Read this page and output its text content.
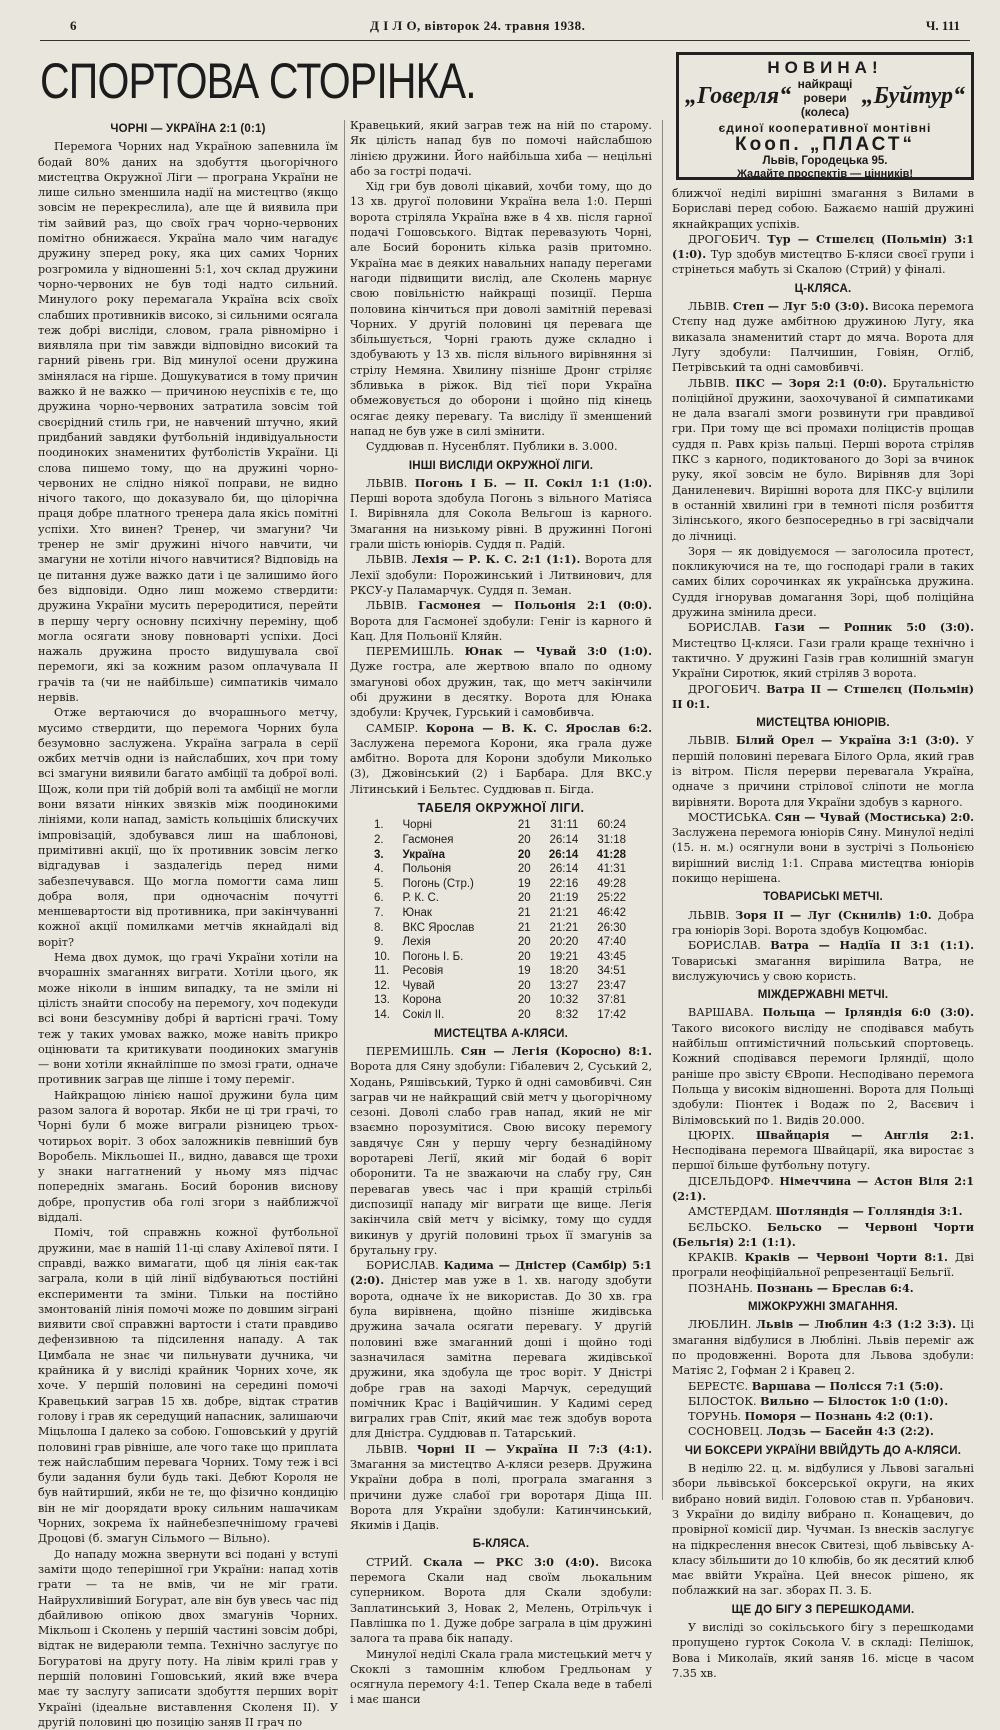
6	Д І Л О, вівторок 24. травня 1938.	Ч. 111
СПОРТОВА СТОРІНКА.	НОВИНА!
„Говерля“ найкращі
ровери
(колеса)
„Буйтур“
єдиної кооперативної монтівні
Кооп. „ПЛАСТ“
Львів, Городецька 95.
Жадайте проспектів — цінників!
ЧОРНІ — УКРАЇНА 2:1 (0:1)

Перемога Чорних над Україною запевнила їм бодай 80% даних на здобуття цьогорічного мистецтва Окружної Ліги — програна України не лише сильно зменшила надії на мистецтво (якщо зовсім не перекреслила), але ще й виявила при тім зайвий раз, що своїх грач чорно-червоних помітно обнижаєся. Україна мало чим нагадує дружину зперед року, яка цих самих Чорних розгромила у відношенні 5:1, хоч склад дружини чорно-червоних не був тоді надто сильний. Минулого року перемагала Україна всіх своїх слабших противників високо, зі сильними осягала теж добрі висліди, словом, грала рівномірно і виявляла при тім завжди відповідно високий та гарний рівень гри. Від минулої осени дружина змінялася на гірше. Дошукуватися в тому причин важко й не важко — причиною неуспіхів є те, що дружина чорно-червоних затратила зовсім той своєрідний стиль гри, не навчений штучно, який придбаний завдяки футбольній індивідуальности поодиноких знаменитих футболістів України. Ці слова пишемо тому, що на дружині чорно-червоних не слідно ніякої поправи, не видно нічого такого, що доказувало би, що цілорічна праця добре платного тренера дала якісь помітні успіхи. Хто винен? Тренер, чи змагуни? Чи тренер не зміг дружині нічого навчити, чи змагуни не хотіли нічого навчитися? Відповідь на це питання дуже важко дати і це залишимо його без відповіди. Одно лиш можемо ствердити: дружина України мусить переродитися, перейти в першу чергу основну психічну переміну, щоб могла осягати знову повноварті успіхи. Досі нажаль дружина просто видушувала свої перемоги, які за кожним разом оплачувала ІІ грачів та (чи не найбільше) симпатиків чимало нервів.

Отже вертаючися до вчорашнього метчу, мусимо ствердити, що перемога Чорних була безумовно заслужена. Україна заграла в серії ожбих метчів одни із найслабших, хоч при тому всі змагуни виявили багато амбіції та доброї волі. Щож, коли при тій добрій волі та амбіції не могли вони вязати нінких звязків між поодинокими лініями, коли напад, замість кольцішіх блискучих імпровізацій, здобувався лиш на шаблонові, примітивні акції, що їх противник зовсім легко відгадував і заздалегідь перед ними забезпечувався. Що могла помогти сама лиш добра воля, при одночаснім почутті меншевартости від противника, при закінчуванні кожної акції помилками метчів якнайдалі від воріт?

Нема двох думок, що грачі України хотіли на вчорашніх змаганнях виграти. Хотіли цього, як може ніколи в іншим випадку, та не зміли ні цілість знайти способу на перемогу, хоч подекуди всі вони безсумніву добрі й вартісні грачі. Тому теж у таких умовах важко, може навіть прикро оцінювати та критикувати поодиноких змагунів — вони хотіли якнайліпше по змозі грати, одначе противник заграв ще ліпше і тому переміг.

Найкращою лінією нашої дружини була цим разом залога й воротар. Якби не ці три грачі, то Чорні були б може виграли різницею трьох-чотирьох воріт. З обох заложників певніший був Воробель. Мікльошеі II., видно, давався ще трохи у знаки наггатнений у ньому мяз підчас попередніх змагань. Босий боронив виснову добре, пропустив оба голі згори з найближчої віддалі.

Поміч, той справжнь кожної футбольної дружини, має в нашій 11-ці славу Ахілевої пяти. І справді, важко вимагати, щоб ця лінія єак-так заграла, коли в цій лінії відбуваються постійні експерименти та зміни. Тільки на постійно змонтованій лінія помочі може по довшим зіграні виявити свої справжні вартости і стати правдиво дефензивною та підсилення нападу. А так Цимбала не знає чи пильнувати дучника, чи крайника й у висліді крайник Чорних хоче, як хоче. У першій половині на середині помочі Кравецький заграв 15 хв. добре, відтак стратив голову і грав як середущий напасник, залишаючи Міцьлоша І далеко за собою. Гошовський у другій половині грав рівніше, але чого таке що приплатa теж найслабшим перевага Чорних. Тому теж і всі були задання були будь такі. Дебют Короля не був найтирший, якби не те, що фізично кондицію він не міг доорядати вроку сильним нашачикам Чорних, зокрема їх найнебезпечнішому грачеві Дроцові (б. змагун Сільмого — Вільно).

До нападу можна звернути всі подані у вступі заміти щодо теперішної гри України: напад хотів грати — та не вмів, чи не міг грати. Найрухливіший Богурат, але він був увесь час під дбайливою опікою двох змагунів Чорних. Мікльош і Сколень у першій частині зовсім добрі, відтак не видераюли темпа. Технічно заслугує по Богуратові на другу поту. На лівім крилі грав у першій половині Гошовський, який вже вчера має ту заслугу записати здобуття перших воріт Україні (ідеальне виставлення Сколеня ІІ). У другій половині цю позицію заняв ІІ грач по

Кравецький, який заграв теж на ній по старому. Як цілість напад був по помочі найслабшою лінією дружини. Його найбільша хиба — нецільні або за гострі подачі.

Хід гри був доволі цікавий, хочби тому, що до 13 хв. другої половини Україна вела 1:0. Перші ворота стріляла Україна вже в 4 хв. після гарної подачі Гошовського. Відтак перевазують Чорні, але Босий боронить кілька разів притомно. Україна має в деяких навальних нападу перегами нагоди підвищити вислід, але Сколень марнує свою повільністю найкращі позиції. Перша половина кінчиться при доволі замітній перевазі Чорних. У другій половині ця перевага ще збільшується, Чорні грають дуже складно і здобувають у 13 хв. після вільного вирівняння зі стрілу Немяна. Хвилину пізніше Дронг стріляє збливька в ріжок. Від тієї пори Україна обмежовується до оборони і щойно під кінець осягає деяку перевагу. Та висліду її зменшений напад не був уже в силі змінити.

Суддював п. Нусенблят. Публики в. 3.000.

ІНШІ ВИСЛІДИ ОКРУЖНОЇ ЛІГИ.

ЛЬВІВ. Погонь І Б. — ІІ. Сокіл 1:1 (1:0). Перші ворота здобула Погонь з вільного Матіяса І. Вирівняла для Сокола Вельгош із карного. Змагання на низькому рівні. В дружинні Погоні грали шість юніорів. Суддя п. Радій.

ЛЬВІВ. Лехія — Р. К. С. 2:1 (1:1). Ворота для Лехії здобули: Порожинський і Литвинович, для РКСУ-у Паламарчук. Суддя п. Земан.

ЛЬВІВ. Гасмонея — Польонія 2:1 (0:0). Ворота для Гасмонеї здобули: Геніг із карного й Кац. Для Польонії Кляйн.

ПЕРЕМИШЛЬ. Юнак — Чувай 3:0 (1:0). Дуже гостра, але жертвою впало по одному змагунові обох дружин, так, що метч закінчили обі дружини в десятку. Ворота для Юнака здобули: Кручек, Гурський і самовбивча.

САМБІР. Корона — В. К. С. Ярослав 6:2. Заслужена перемога Корони, яка грала дуже амбітно. Ворота для Корони здобули Миколько (3), Джовінський (2) і Барбара. Для ВКС.у Літинський і Бельтес. Суддював п. Бігда.

ТАБЕЛЯ ОКРУЖНОЇ ЛІГИ.
1.	Чорні	21	31:11	60:24
2.	Гасмонея	20	26:14	31:18
3.	Україна	20	26:14	41:28
4.	Польонія	20	26:14	41:31
5.	Погонь (Стр.)	19	22:16	49:28
6.	Р. К. С.	20	21:19	25:22
7.	Юнак	21	21:21	46:42
8.	ВКС Ярослав	21	21:21	26:30
9.	Лехія	20	20:20	47:40
10.	Погонь І. Б.	20	19:21	43:45
11.	Ресовія	19	18:20	34:51
12.	Чувай	20	13:27	23:47
13.	Корона	20	10:32	37:81
14.	Сокіл ІІ.	20	8:32	17:42
МИСТЕЦТВА А-КЛЯСИ.

ПЕРЕМИШЛЬ. Сян — Легія (Коросно) 8:1. Ворота для Сяну здобули: Гібалевич 2, Суський 2, Ходань, Ряшівський, Турко й одні самовбивчі. Сян заграв чи не найкращий свій метч у цьогорічному сезоні. Доволі слабо грав напад, який не міг взаємно порозумітися. Свою високу перемогу завдячує Сян у першу чергу безнадійному воротареві Легії, який міг бодай 6 воріт оборонити. Та не зважаючи на слабу гру, Сян перевагав увесь час і при кращій стрільбі диспозиції нападу міг виграти ще вище. Легія закінчила свій метч у вісімку, тому що суддя викинув у другій половині трьох її змагунів за брутальну гру.

БОРИСЛАВ. Кадима — Дністер (Самбір) 5:1 (2:0). Дністер мав уже в 1. хв. нагоду здобути ворота, одначе їх не використав. До 30 хв. гра була вирівнена, щойно пізніше жидівська дружина зачала осягати перевагу. У другій половині вже змаганний доші і щойно тоді зазначилася замітна перевага жидівської дружини, яка здобула ще трос воріт. У Дністрі добре грав на заході Марчук, середущий помічник Крас і Ваційчишин. У Кадимі серед вигралих грав Спіт, який має теж здобув ворота для Дністра. Суддював п. Татарський.

ЛЬВІВ. Чорні ІІ — Україна ІІ 7:3 (4:1). Змагання за мистецтво А-кляси резерв. Дружина України добра в полі, програла змагання з причини дуже слабої гри воротаря Діща ІІІ. Ворота для України здобули: Катинчинський, Якимів і Даців.

Б-КЛЯСА.

СТРИЙ. Скала — РКС 3:0 (4:0). Висока перемога Скали над своїм льокальним суперником. Ворота для Скали здобули: Заплатинський 3, Новак 2, Мелень, Отрільчук і Павлішка по 1. Дуже добре заграла в цім дружині залога та права бік нападу.

Минулої неділі Скала грала мистецький метч у Скоклі з тамошнім клюбом Гредльонам у осягнула перемогу 4:1. Тепер Скала веде в табелі і має шанси

ближчої неділі вирішні змагання з Вилами в Бориславі перед собою. Бажаємо нашій дружині якнайкращих успіхів.

ДРОГОБИЧ. Тур — Стшелєц (Польмін) 3:1 (1:0). Тур здобув мистецтво Б-кляси своєї групи і стрінеться мабуть зі Скалою (Стрий) у фіналі.

Ц-КЛЯСА.

ЛЬВІВ. Степ — Луг 5:0 (3:0). Висока перемога Стєпу над дуже амбітною дружиною Лугу, яка виказала знаменитий старт до мячa. Ворота для Лугу здобули: Палчишин, Говіян, Огліб, Петрівський та одні самовбивчі.

ЛЬВІВ. ПКС — Зоря 2:1 (0:0). Брутальністю поліційної дружини, заохочуваної й симпатиками не дала взагалі змоги розвинути гри правдивої гри. При тому ще всі промахи поліцистів прощав суддя п. Равх крізь пальці. Перші ворота стріляв ПКС з карного, подиктованого до Зорі за вчинок руку, якої зовсім не було. Вирівняв для Зорі Даниленевич. Вирішні ворота для ПКС-у вцілили в останній хвилині гри в темноті після розбиття Зілінського, якого безпосередньо в грі засвідчали до лічниці.

Зоря — як довідуємося — заголосила протест, покликуючися на те, що господарі грали в таких самих білих сорочинках як українська дружина. Суддя ігнорував домагання Зорі, щоб поліційна дружина змінила дреси.

БОРИСЛАВ. Гази — Ропник 5:0 (3:0). Мистецтво Ц-кляси. Гази грали краще технічно і тактично. У дружині Газів грав колишній змагун України Сиротюк, який стріляв 3 ворота.

ДРОГОБИЧ. Ватра ІІ — Стшелєц (Польмін) ІІ 0:1.

МИСТЕЦТВА ЮНІОРІВ.

ЛЬВІВ. Білий Орел — Україна 3:1 (3:0). У першій половині перевага Білого Орла, який грав із вітром. Після перерви перевагала Україна, одначе з причини стрілової сліпоти не могла вирівняти. Ворота для України здобув з карного.

МОСТИСЬКА. Сян — Чувай (Мостиська) 2:0. Заслужена перемога юніорів Сяну. Минулої неділі (15. н. м.) осягнули вони в зустрічі з Польонією вирішний вислід 1:1. Справа мистецтва юніорів покищо нерішена.

ТОВАРИСЬКІ МЕТЧІ.

ЛЬВІВ. Зоря ІІ — Луг (Скнилів) 1:0. Добра гра юніорів Зорі. Ворота здобув Коцюмбас.

БОРИСЛАВ. Ватра — Надіїа ІІ 3:1 (1:1). Товариські змагання вирішила Ватра, не вислужуючись у свою користь.

МІЖДЕРЖАВНІ МЕТЧІ.

ВАРШАВА. Польща — Ірляндія 6:0 (3:0). Такого високого висліду не сподівався мабуть найбільш оптимістичний польський спортовець. Кожний сподівався перемоги Ірляндії, щоло раніше про звісту ЄВропи. Несподівано перемога Польща у високім відношенні. Ворота для Польщі здобули: Піонтек і Водаж по 2, Васєвич і Вілімовський по 1. Видів 20.000.

ЦЮРІХ. Швайцарія — Англія 2:1. Несподівана перемога Швайцарії, яка виростає з першої більше футбольну потугу.

ДІСЕЛЬДОРФ. Німеччина — Астон Віля 2:1 (2:1).

АМСТЕРДАМ. Шотляндія — Голляндія 3:1.

БЄЛЬСКО. Бельско — Червоні Чорти (Бельгія) 2:1 (1:1).

КРАКІВ. Краків — Червоні Чорти 8:1. Дві програли неофіційальної репрезентації Бельгії.

ПОЗНАНЬ. Познань — Бреслав 6:4.

МІЖОКРУЖНІ ЗМАГАННЯ.

ЛЮБЛИН. Львів — Люблин 4:3 (1:2 3:3). Ці змагання відбулися в Любліні. Львів переміг аж по продовженні. Ворота для Львова здобули: Матіяс 2, Гофман 2 і Кравец 2.

БЕРЕСТЄ. Варшава — Полісся 7:1 (5:0).

БІЛОСТОК. Вильно — Білосток 1:0 (1:0).

ТОРУНЬ. Поморя — Познань 4:2 (0:1).

СОСНОВЕЦ. Лодзь — Басейн 4:3 (2:2).

ЧИ БОКСЕРИ УКРАЇНИ ВВІЙДУТЬ ДО А-КЛЯСИ.

В неділю 22. ц. м. відбулися у Львові загальні збори львівської боксерської округи, на яких вибрано новий виділ. Головою став п. Урбанович. З України до виділу вибрано п. Конащевич, до провірної комісії дир. Чучман. Із внесків заслугує на підкреслення внесок Свитезі, щоб львівську А-класу збільшити до 10 клюбів, бо як десятий клюб має ввійти Україна. Цей внесок рішено, як поблажкий на заг. зборах П. З. Б.

ЩЕ ДО БІГУ З ПЕРЕШКОДАМИ.

У висліді зо сокільського бігу з перешкодами пропущено гурток Сокола V. в складі: Пелішок, Вова і Миколаїв, який заняв 16. місце в часом 7.35 хв.
